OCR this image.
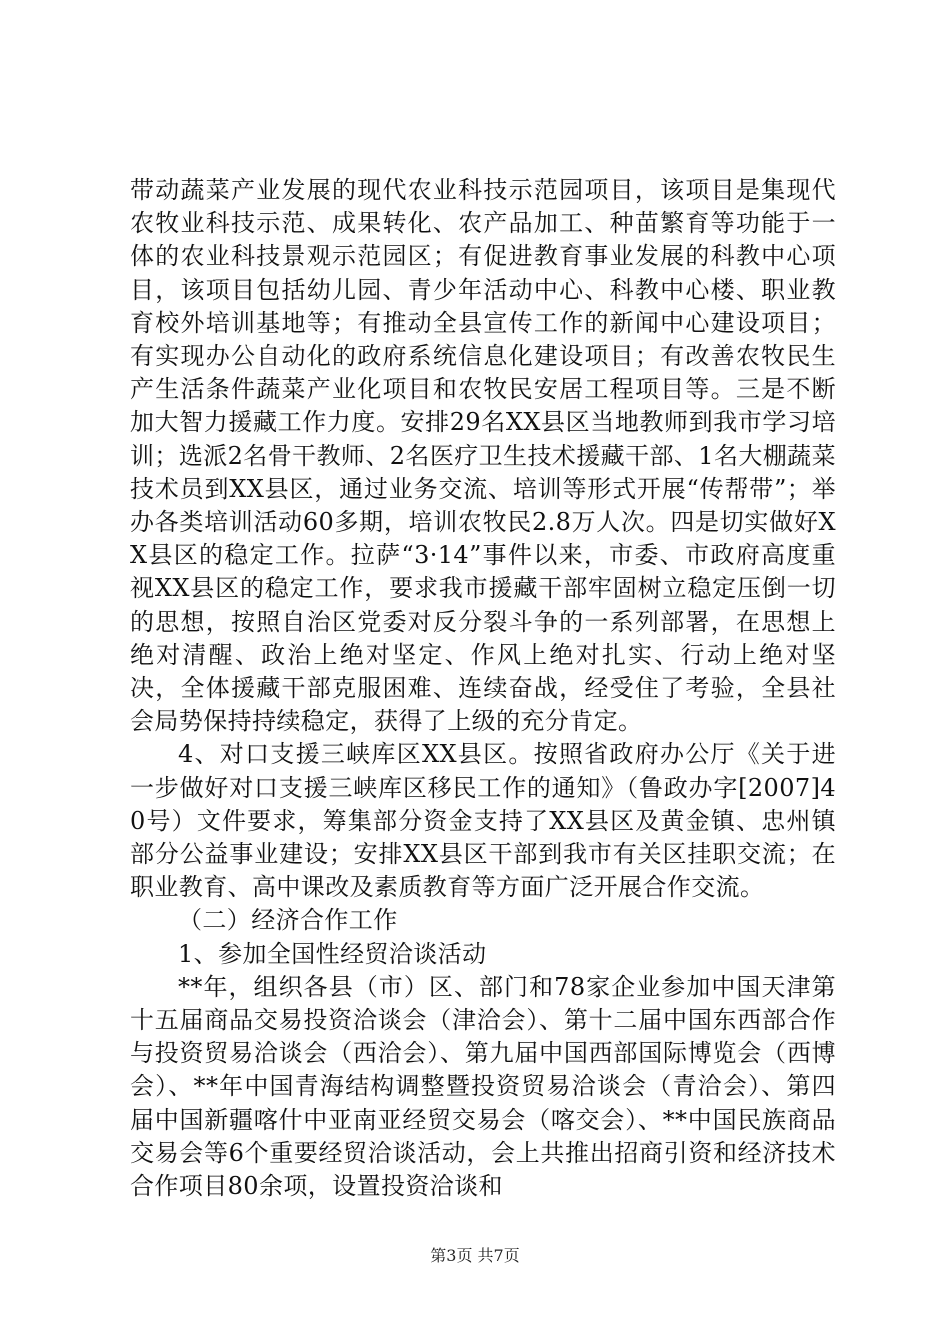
带动蔬菜产业发展的现代农业科技示范园项目，该项目是集现代农牧业科技示范、成果转化、农产品加工、种苗繁育等功能于一体的农业科技景观示范园区；有促进教育事业发展的科教中心项目，该项目包括幼儿园、青少年活动中心、科教中心楼、职业教育校外培训基地等；有推动全县宣传工作的新闻中心建设项目；有实现办公自动化的政府系统信息化建设项目；有改善农牧民生产生活条件蔬菜产业化项目和农牧民安居工程项目等。三是不断加大智力援藏工作力度。安排29名XX县区当地教师到我市学习培训；选派2名骨干教师、2名医疗卫生技术援藏干部、1名大棚蔬菜技术员到XX县区，通过业务交流、培训等形式开展“传帮带”；举办各类培训活动60多期，培训农牧民2.8万人次。四是切实做好XX县区的稳定工作。拉萨“3·14”事件以来，市委、市政府高度重视XX县区的稳定工作，要求我市援藏干部牢固树立稳定压倒一切的思想，按照自治区党委对反分裂斗争的一系列部署，在思想上绝对清醒、政治上绝对坚定、作风上绝对扎实、行动上绝对坚决，全体援藏干部克服困难、连续奋战，经受住了考验，全县社会局势保持持续稳定，获得了上级的充分肯定。

4、对口支援三峡库区XX县区。按照省政府办公厅《关于进一步做好对口支援三峡库区移民工作的通知》（鲁政办字[2007]40号）文件要求，筹集部分资金支持了XX县区及黄金镇、忠州镇部分公益事业建设；安排XX县区干部到我市有关区挂职交流；在职业教育、高中课改及素质教育等方面广泛开展合作交流。

（二）经济合作工作

1、参加全国性经贸洽谈活动

**年，组织各县（市）区、部门和78家企业参加中国天津第十五届商品交易投资洽谈会（津洽会）、第十二届中国东西部合作与投资贸易洽谈会（西洽会）、第九届中国西部国际博览会（西博会）、**年中国青海结构调整暨投资贸易洽谈会（青洽会）、第四届中国新疆喀什中亚南亚经贸交易会（喀交会）、**中国民族商品交易会等6个重要经贸洽谈活动，会上共推出招商引资和经济技术合作项目80余项，设置投资洽谈和

第3页 共7页
